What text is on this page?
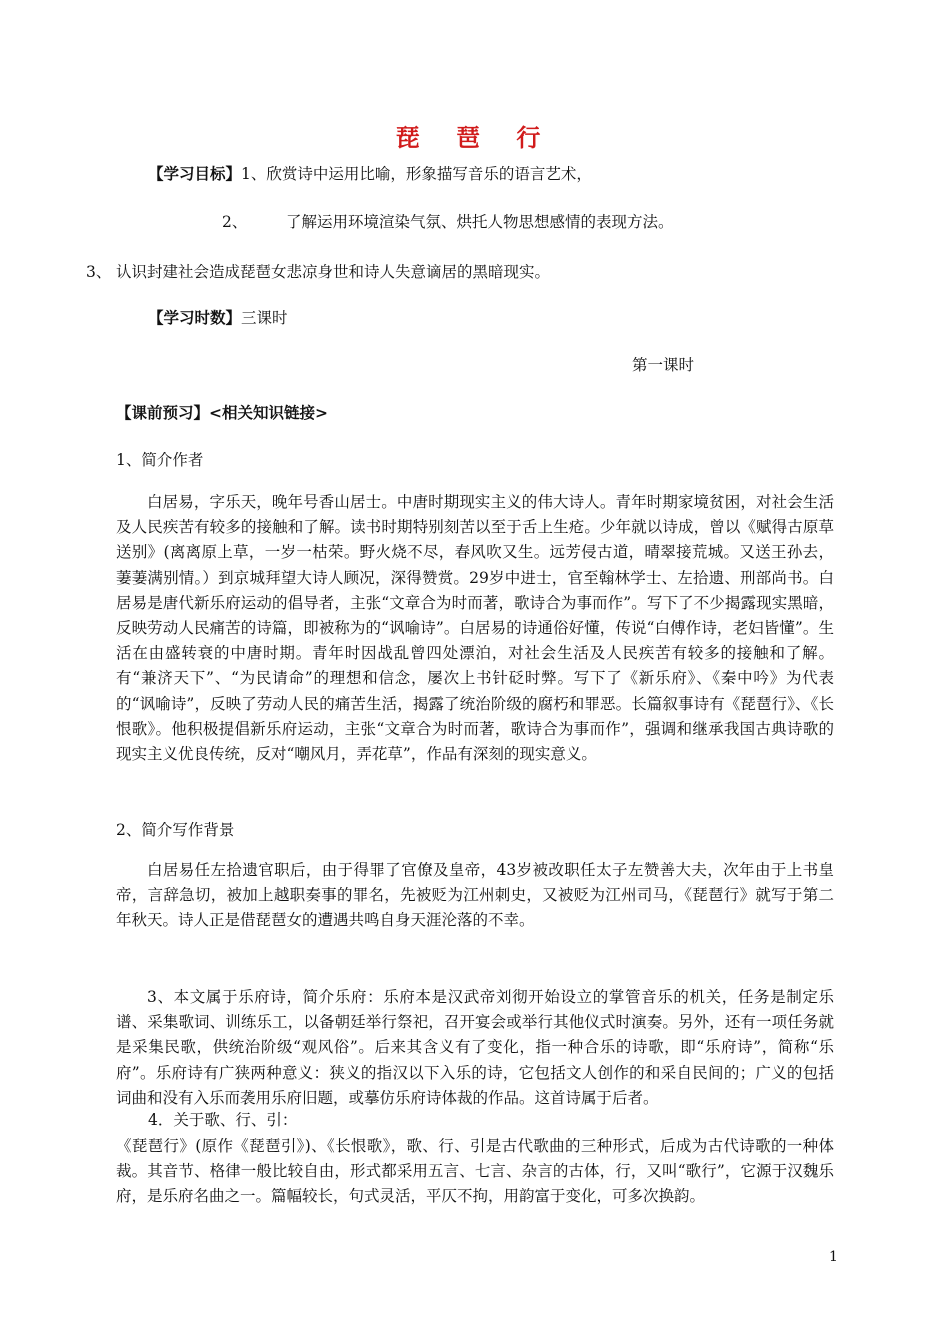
琵 琶 行
【学习目标】1、欣赏诗中运用比喻，形象描写音乐的语言艺术，
2、 了解运用环境渲染气氛、烘托人物思想感情的表现方法。
3、 认识封建社会造成琵琶女悲凉身世和诗人失意谪居的黑暗现实。
【学习时数】三课时
第一课时
【课前预习】<相关知识链接>
1、简介作者

白居易，字乐天，晚年号香山居士。中唐时期现实主义的伟大诗人。青年时期家境贫困，对社会生活及人民疾苦有较多的接触和了解。读书时期特别刻苦以至于舌上生疮。少年就以诗成，曾以《赋得古原草送别》(离离原上草，一岁一枯荣。野火烧不尽，春风吹又生。远芳侵古道，晴翠接荒城。又送王孙去，萋萋满别情。）到京城拜望大诗人顾况，深得赞赏。29岁中进士，官至翰林学士、左拾遗、刑部尚书。白居易是唐代新乐府运动的倡导者，主张“文章合为时而著，歌诗合为事而作”。写下了不少揭露现实黑暗，反映劳动人民痛苦的诗篇，即被称为的“讽喻诗”。白居易的诗通俗好懂，传说“白傅作诗，老妇皆懂”。生活在由盛转衰的中唐时期。青年时因战乱曾四处漂泊，对社会生活及人民疾苦有较多的接触和了解。有“兼济天下”、“为民请命”的理想和信念，屡次上书针砭时弊。写下了《新乐府》、《秦中吟》为代表的“讽喻诗”，反映了劳动人民的痛苦生活，揭露了统治阶级的腐朽和罪恶。长篇叙事诗有《琵琶行》、《长恨歌》。他积极提倡新乐府运动，主张“文章合为时而著，歌诗合为事而作”，强调和继承我国古典诗歌的现实主义优良传统，反对“嘲风月，弄花草”，作品有深刻的现实意义。

2、简介写作背景

白居易任左拾遗官职后，由于得罪了官僚及皇帝，43岁被改职任太子左赞善大夫，次年由于上书皇帝，言辞急切，被加上越职奏事的罪名，先被贬为江州刺史，又被贬为江州司马，《琵琶行》就写于第二年秋天。诗人正是借琵琶女的遭遇共鸣自身天涯沦落的不幸。

3、本文属于乐府诗，简介乐府：乐府本是汉武帝刘彻开始设立的掌管音乐的机关，任务是制定乐谱、采集歌词、训练乐工，以备朝廷举行祭祀，召开宴会或举行其他仪式时演奏。另外，还有一项任务就是采集民歌，供统治阶级“观风俗”。后来其含义有了变化，指一种合乐的诗歌，即“乐府诗”，简称“乐府”。乐府诗有广狭两种意义：狭义的指汉以下入乐的诗，它包括文人创作的和采自民间的；广义的包括词曲和没有入乐而袭用乐府旧题，或摹仿乐府诗体裁的作品。这首诗属于后者。

4．关于歌、行、引：

《琵琶行》(原作《琵琶引》)、《长恨歌》，歌、行、引是古代歌曲的三种形式，后成为古代诗歌的一种体裁。其音节、格律一般比较自由，形式都采用五言、七言、杂言的古体，行，又叫“歌行”，它源于汉魏乐府，是乐府名曲之一。篇幅较长，句式灵活，平仄不拘，用韵富于变化，可多次换韵。

1
